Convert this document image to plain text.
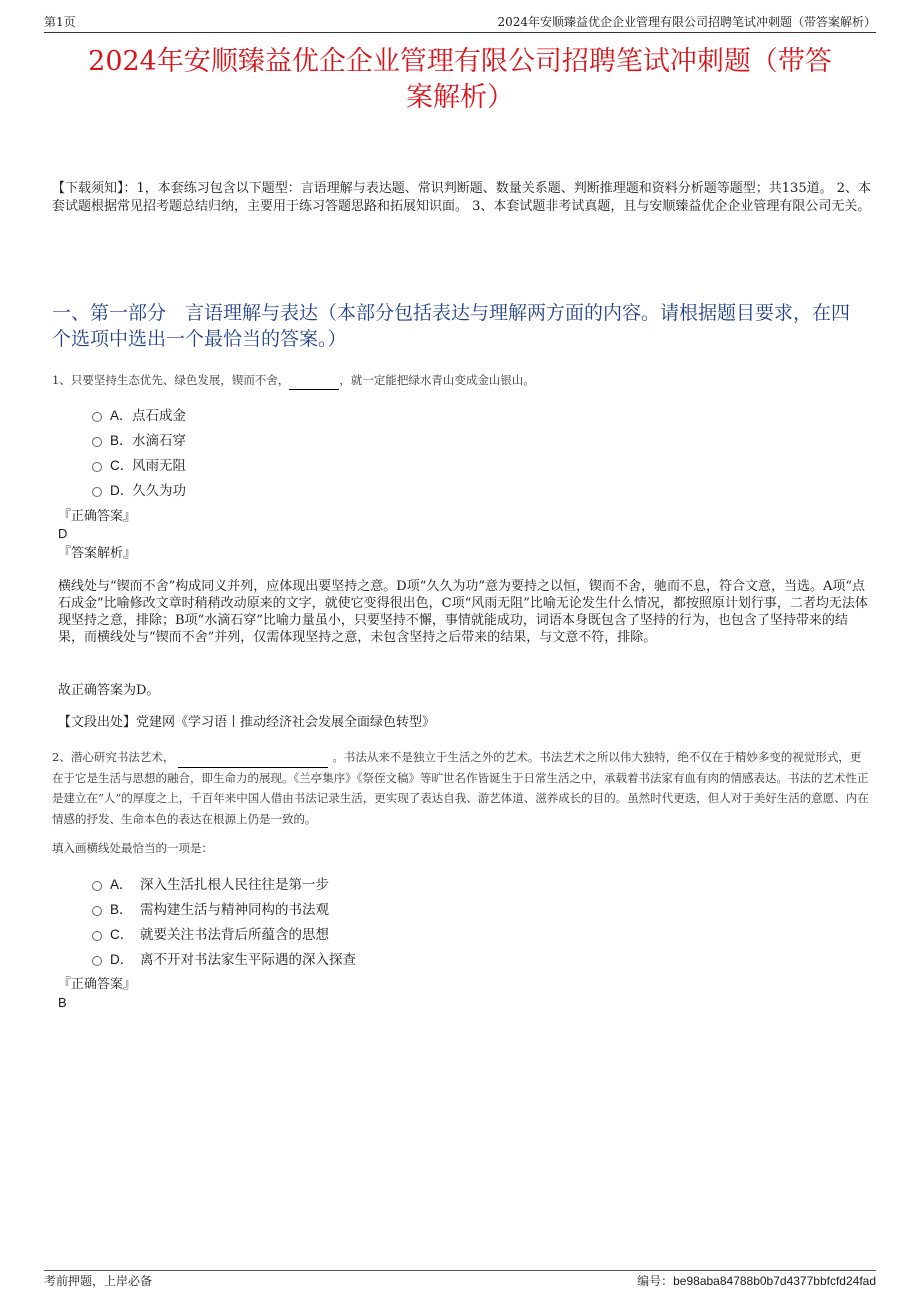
第1页	2024年安顺臻益优企企业管理有限公司招聘笔试冲刺题（带答案解析）
2024年安顺臻益优企企业管理有限公司招聘笔试冲刺题（带答
案解析）
【下载须知】：1，本套练习包含以下题型：言语理解与表达题、常识判断题、数量关系题、判断推理题和资料分析题等题型；共135道。 2、本套试题根据常见招考题总结归纳，主要用于练习答题思路和拓展知识面。 3、本套试题非考试真题，且与安顺臻益优企企业管理有限公司无关。
一、第一部分　言语理解与表达（本部分包括表达与理解两方面的内容。请根据题目要求，在四个选项中选出一个最恰当的答案。）
1、只要坚持生态优先、绿色发展，锲而不舍，	，就一定能把绿水青山变成金山银山。
A． 点石成金
B． 水滴石穿
C．
风雨无阻
D．
久久为功
『正确答案』
D
『答案解析』
横线处与“锲而不舍”构成同义并列，应体现出要坚持之意。D项“久久为功”意为要持之以恒，锲而不舍，驰而不息，符合文意，当选。A项“点石成金”比喻修改文章时稍稍改动原来的文字，就使它变得很出色，C项“风雨无阻”比喻无论发生什么情况，都按照原计划行事，二者均无法体现坚持之意，排除；B项“水滴石穿”比喻力量虽小，只要坚持不懈，事情就能成功，词语本身既包含了坚持的行为，也包含了坚持带来的结果，而横线处与“锲而不舍”并列，仅需体现坚持之意，未包含坚持之后带来的结果，与文意不符，排除。
故正确答案为D。
【文段出处】党建网《学习语丨推动经济社会发展全面绿色转型》
2、潜心研究书法艺术，	。书法从来不是独立于生活之外的艺术。书法艺术之所以伟大独特，绝不仅在于精妙多变的视觉形式，更在于它是生活与思想的融合，即生命力的展现。《兰亭集序》《祭侄文稿》等旷世名作皆诞生于日常生活之中，承载着书法家有血有肉的情感表达。书法的艺术性正是建立在“人”的厚度之上，千百年来中国人借由书法记录生活，更实现了表达自我、游艺体道、滋养成长的目的。虽然时代更迭，但人对于美好生活的意愿、内在情感的抒发、生命本色的表达在根源上仍是一致的。
填入画横线处最恰当的一项是：
A． 深入生活扎根人民往往是第一步
B． 需构建生活与精神同构的书法观
C． 就要关注书法背后所蕴含的思想
D． 离不开对书法家生平际遇的深入探查
『正确答案』
B
考前押题，上岸必备	编号：be98aba84788b0b7d4377bbfcfd24fad
